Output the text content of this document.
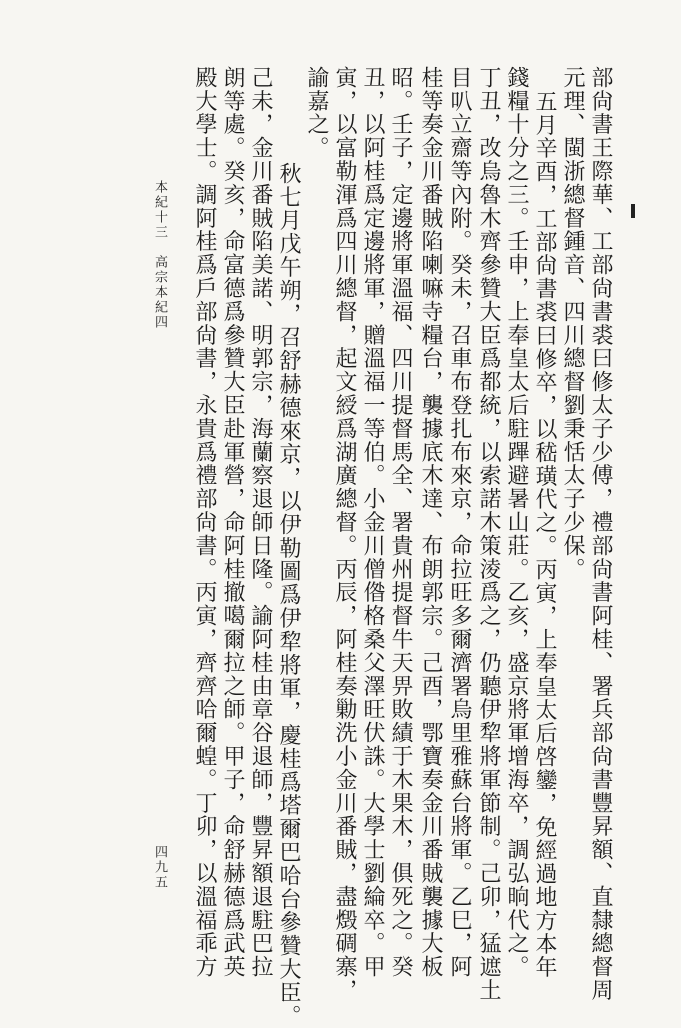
部尙書王際華、工部尙書裘曰修太子少傅，禮部尙書阿桂、署兵部尙書豐昇額、直隸總督周
元理、閩浙總督鍾音、四川總督劉秉恬太子少保。
五月辛酉，工部尙書裘曰修卒，以嵇璜代之。丙寅，上奉皇太后啓鑾，免經過地方本年
錢糧十分之三。壬申，上奉皇太后駐蹕避暑山莊。乙亥，盛京將軍增海卒，調弘晌代之。
丁丑，改烏魯木齊參贊大臣爲都統，以索諾木策淩爲之，仍聽伊犂將軍節制。己卯，猛遮土
目叭立齋等內附。癸未，召車布登扎布來京，命拉旺多爾濟署烏里雅蘇台將軍。乙巳，阿
桂等奏金川番賊陷喇嘛寺糧台，襲據底木達、布朗郭宗。己酉，鄂寶奏金川番賊襲據大板
昭。壬子，定邊將軍溫福、四川提督馬全、署貴州提督牛天畀敗績于木果木，俱死之。癸
丑，以阿桂爲定邊將軍，贈溫福一等伯。小金川僧偺格桑父澤旺伏誅。大學士劉綸卒。甲
寅，以富勒渾爲四川總督，起文綬爲湖廣總督。丙辰，阿桂奏勦洗小金川番賊，盡燬碉寨，
諭嘉之。
秋七月戊午朔，召舒赫德來京，以伊勒圖爲伊犂將軍，慶桂爲塔爾巴哈台參贊大臣。
己未，金川番賊陷美諾、明郭宗，海蘭察退師日隆。諭阿桂由章谷退師，豐昇額退駐巴拉
朗等處。癸亥，命富德爲參贊大臣赴軍營，命阿桂撤噶爾拉之師。甲子，命舒赫德爲武英
殿大學士。調阿桂爲戶部尙書，永貴爲禮部尙書。丙寅，齊齊哈爾蝗。丁卯，以溫福乖方
本紀十三　高宗本紀四
四九五
